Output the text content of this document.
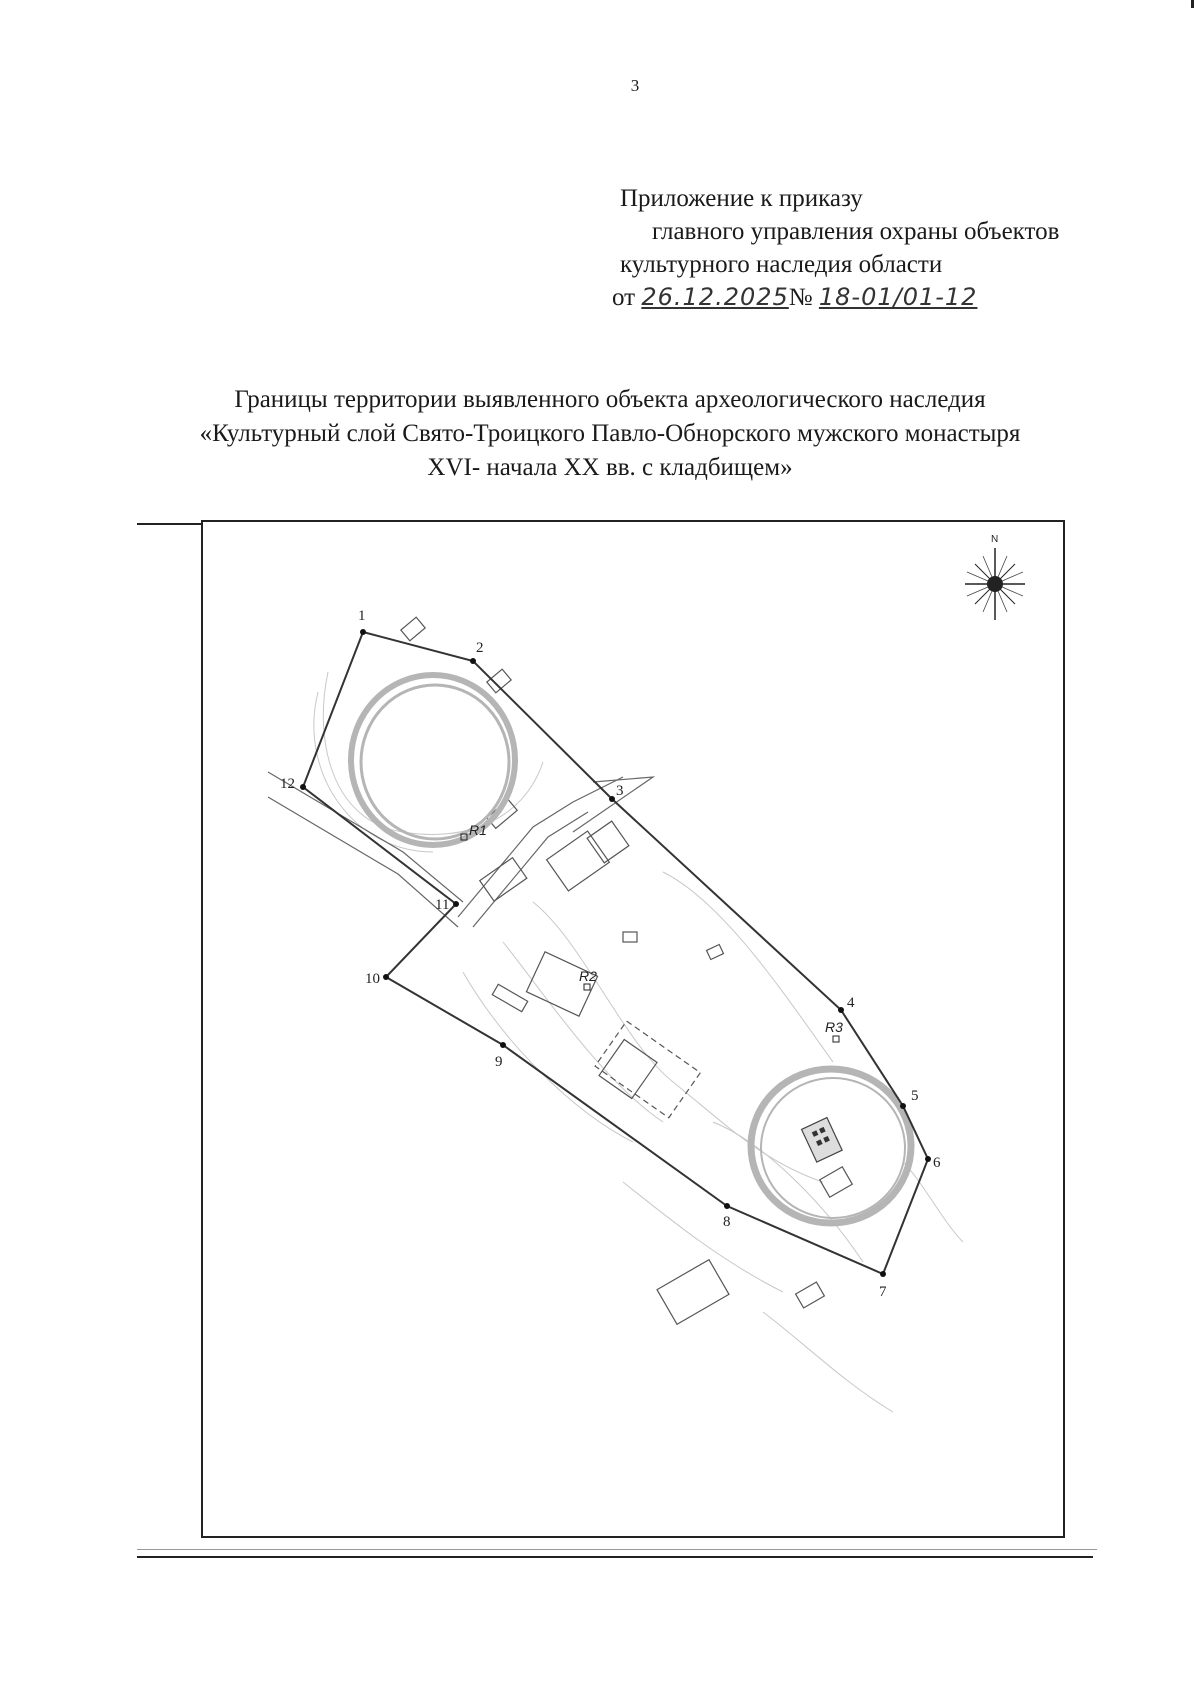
3
Приложение к приказу
главного управления охраны объектов
культурного наследия области
от 26.12.2025№ 18-01/01-12
Границы территории выявленного объекта археологического наследия
«Культурный слой Свято-Троицкого Павло-Обнорского мужского монастыря
XVI- начала XX вв. с кладбищем»
N
1
2
3
4
5
6
7
8
9
10
11
12
R1
R2
R3
